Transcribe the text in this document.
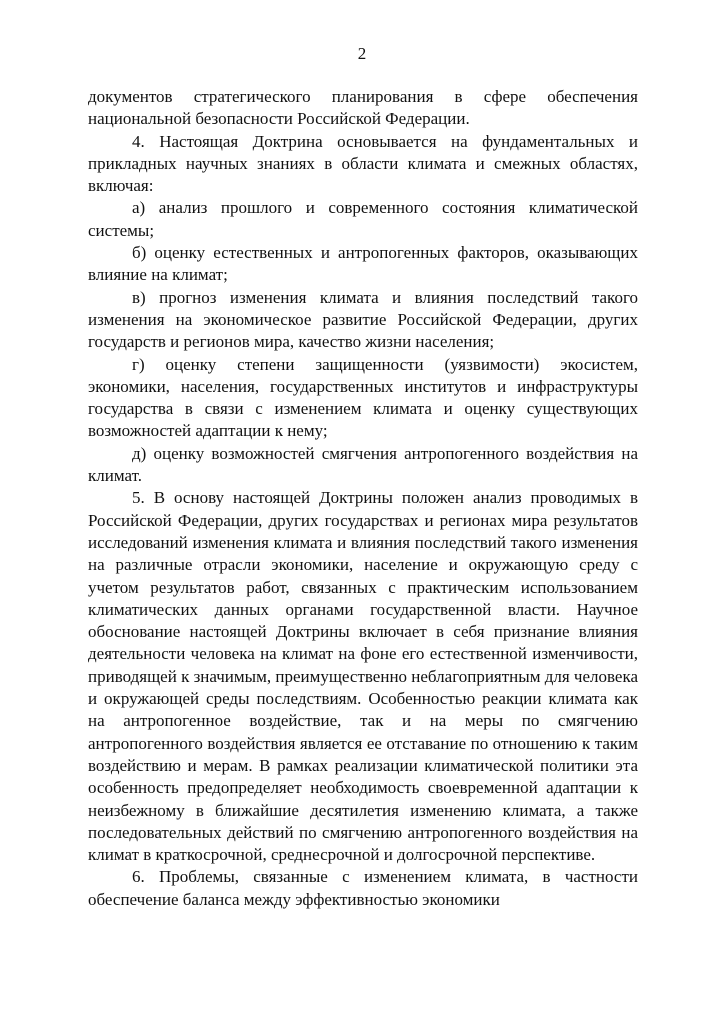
2

документов стратегического планирования в сфере обеспечения национальной безопасности Российской Федерации.

4. Настоящая Доктрина основывается на фундаментальных и прикладных научных знаниях в области климата и смежных областях, включая:

а) анализ прошлого и современного состояния климатической системы;

б) оценку естественных и антропогенных факторов, оказывающих влияние на климат;

в) прогноз изменения климата и влияния последствий такого изменения на экономическое развитие Российской Федерации, других государств и регионов мира, качество жизни населения;

г) оценку степени защищенности (уязвимости) экосистем, экономики, населения, государственных институтов и инфраструктуры государства в связи с изменением климата и оценку существующих возможностей адаптации к нему;

д) оценку возможностей смягчения антропогенного воздействия на климат.

5. В основу настоящей Доктрины положен анализ проводимых в Российской Федерации, других государствах и регионах мира результатов исследований изменения климата и влияния последствий такого изменения на различные отрасли экономики, население и окружающую среду с учетом результатов работ, связанных с практическим использованием климатических данных органами государственной власти. Научное обоснование настоящей Доктрины включает в себя признание влияния деятельности человека на климат на фоне его естественной изменчивости, приводящей к значимым, преимущественно неблагоприятным для человека и окружающей среды последствиям. Особенностью реакции климата как на антропогенное воздействие, так и на меры по смягчению антропогенного воздействия является ее отставание по отношению к таким воздействию и мерам. В рамках реализации климатической политики эта особенность предопределяет необходимость своевременной адаптации к неизбежному в ближайшие десятилетия изменению климата, а также последовательных действий по смягчению антропогенного воздействия на климат в краткосрочной, среднесрочной и долгосрочной перспективе.

6. Проблемы, связанные с изменением климата, в частности обеспечение баланса между эффективностью экономики
